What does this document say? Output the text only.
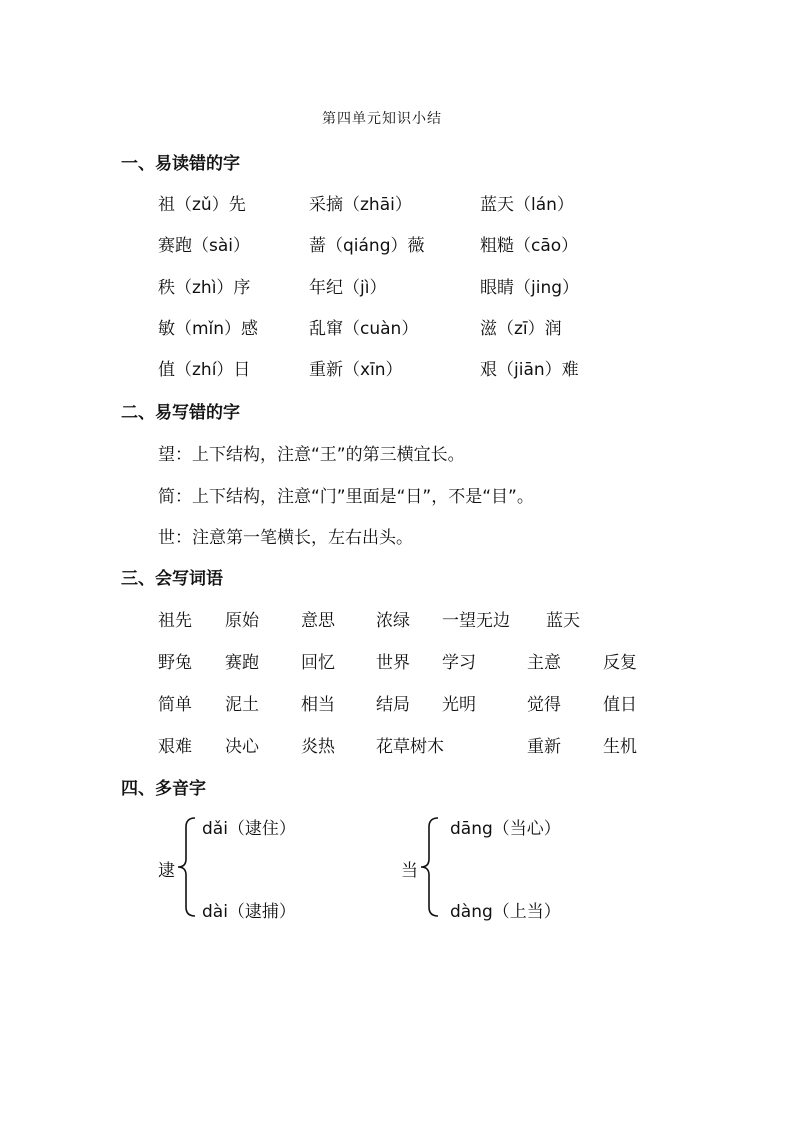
第四单元知识小结
一、易读错的字
祖（zǔ）先	采摘（zhāi）	蓝天（lán）
赛跑（sài）	蔷（qiáng）薇	粗糙（cāo）
秩（zhì）序	年纪（jì）	眼睛（jing）
敏（mǐn）感	乱窜（cuàn）	滋（zī）润
值（zhí）日	重新（xīn）	艰（jiān）难
二、易写错的字
望：上下结构，注意“王”的第三横宜长。
简：上下结构，注意“门”里面是“日”，不是“目”。
世：注意第一笔横长，左右出头。
三、会写词语
祖先 原始 意思 浓绿 一望无边 蓝天
野兔 赛跑 回忆 世界 学习	主意 反复
简单 泥土 相当 结局 光明	觉得 值日
艰难 决心 炎热 花草树木	重新 生机
四、多音字
逮
dǎi（逮住）
dài（逮捕）
当
dāng（当心）
dàng（上当）
